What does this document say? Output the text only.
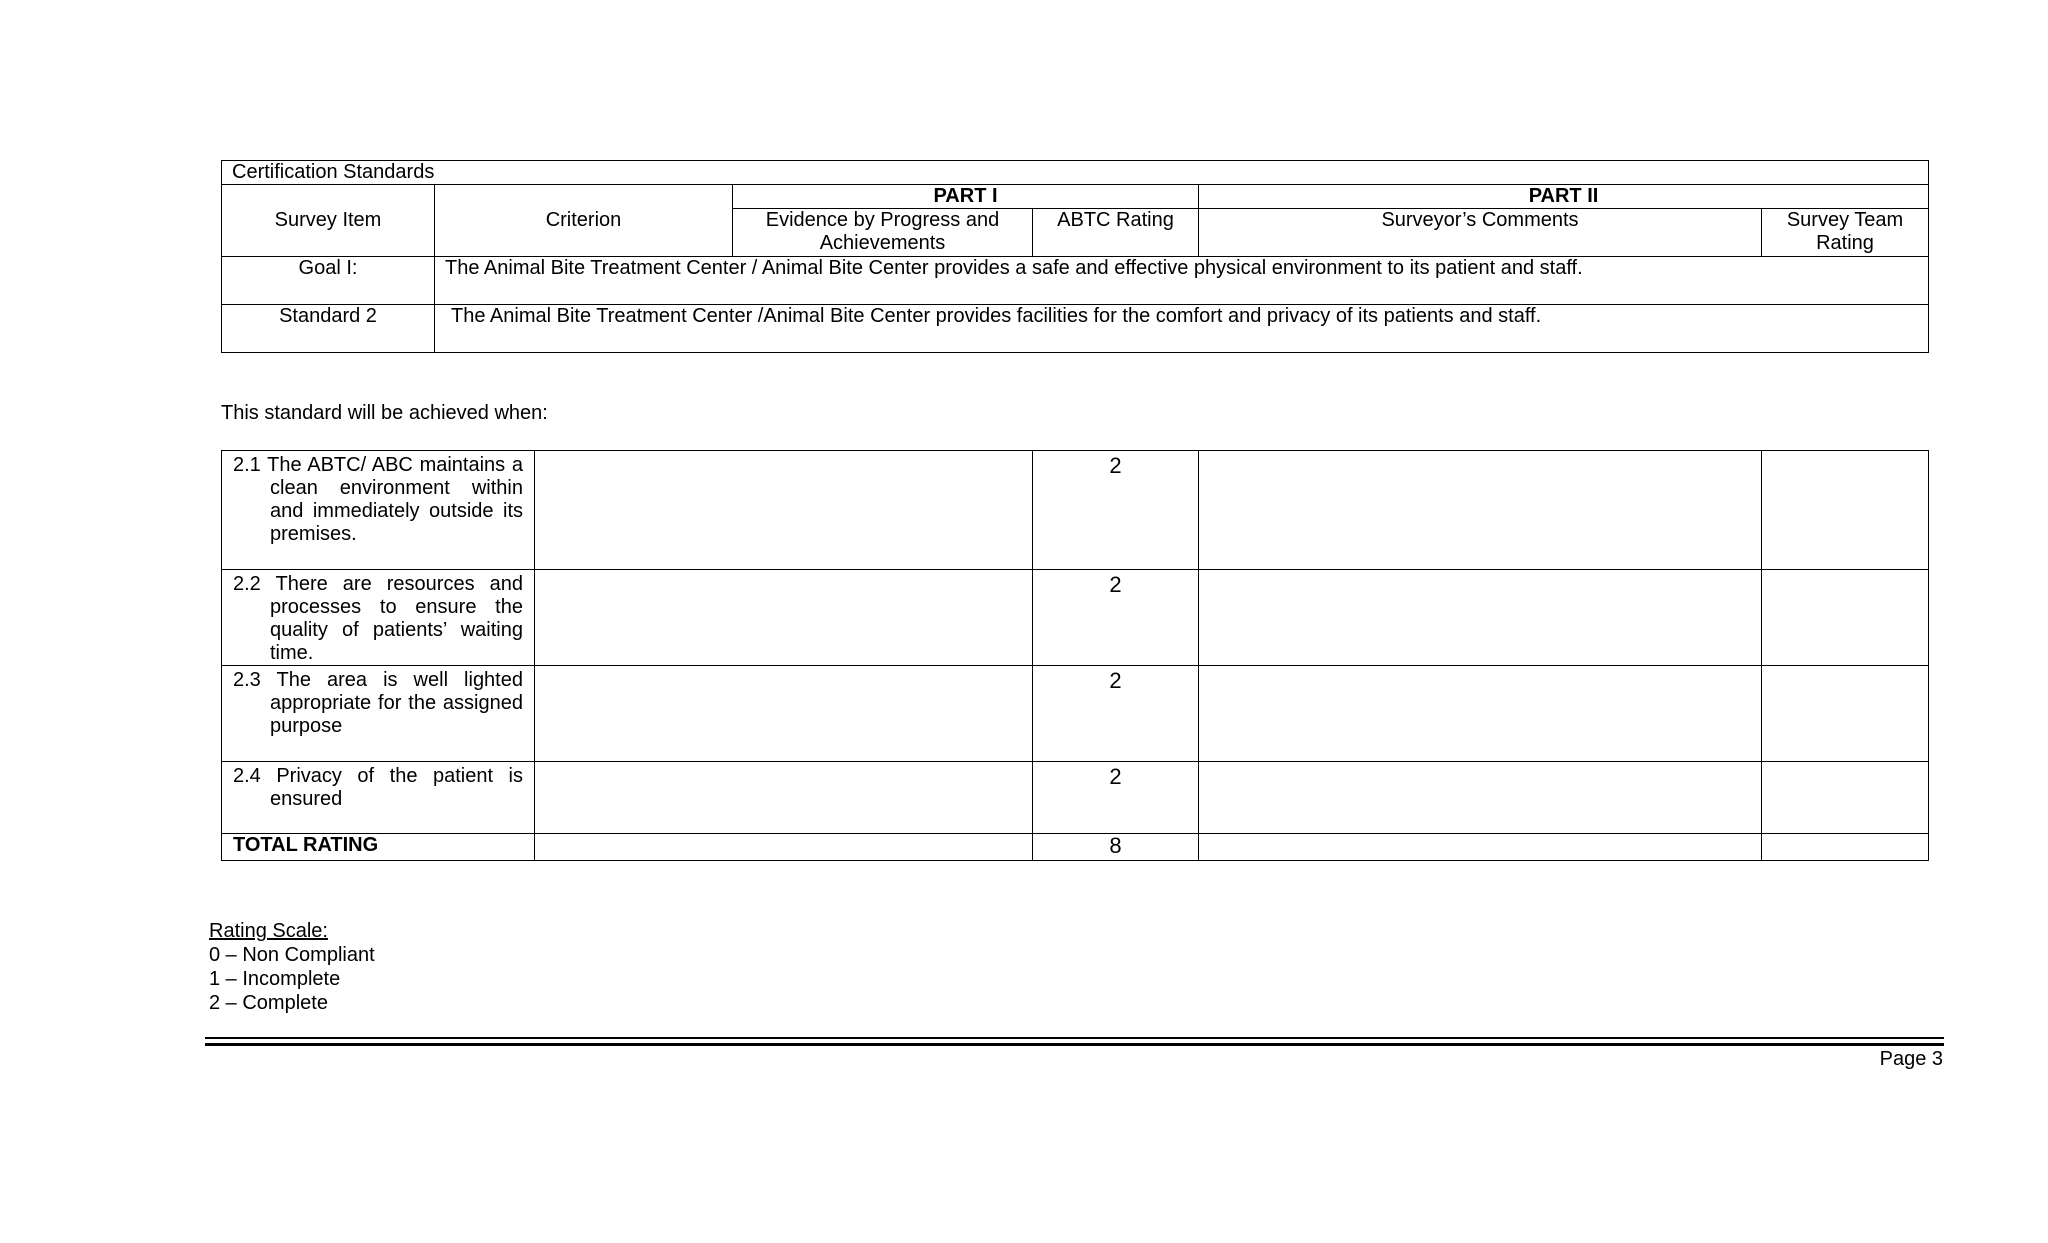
Certification Standards					
Survey Item	Criterion	PART I		PART II	
		Evidence by Progress and Achievements	ABTC Rating	Surveyor’s Comments	Survey Team Rating
Goal I:	The Animal Bite Treatment Center / Animal Bite Center provides a safe and effective physical environment to its patient and staff.				
Standard 2	The Animal Bite Treatment Center /Animal Bite Center provides facilities for the comfort and privacy of its patients and staff.				
This standard will be achieved when:
2.1 The ABTC/ ABC maintains a clean environment within and immediately outside its premises.		2		

2.2 There are resources and processes to ensure the quality of patients’ waiting time.		2		

2.3 The area is well lighted appropriate for the assigned purpose		2		

2.4 Privacy of the patient is ensured		2		
TOTAL RATING		8		
Rating Scale:
0 – Non Compliant
1 – Incomplete
2 – Complete
Page 3
